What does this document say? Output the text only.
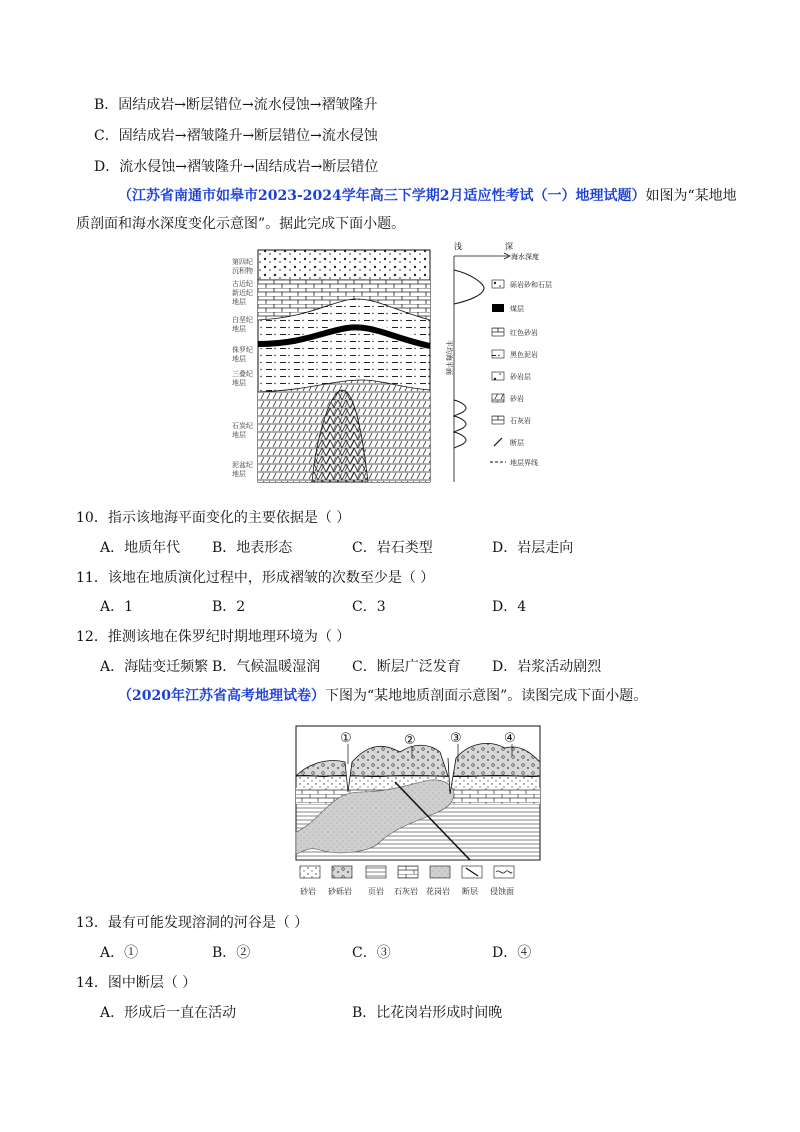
B．固结成岩→断层错位→流水侵蚀→褶皱隆升
C．固结成岩→褶皱隆升→断层错位→流水侵蚀
D．流水侵蚀→褶皱隆升→固结成岩→断层错位
（江苏省南通市如皋市2023-2024学年高三下学期2月适应性考试（一）地理试题）如图为“某地地
质剖面和海水深度变化示意图”。据此完成下面小题。
第四纪
沉积物
古近纪
新近纪
地层
白垩纪
地层
侏罗纪
地层
三叠纪
地层
石炭纪
地层
泥盆纪
地层
浅	深
海水深度
平均海平面
砾岩砂和石层
煤层
红色砂岩
黑色泥岩
砂岩层
砂岩
石灰岩
断层
地层界线
10．指示该地海平面变化的主要依据是（ ）
A．地质年代 B．地表形态	C．岩石类型	D．岩层走向
11．该地在地质演化过程中，形成褶皱的次数至少是（ ）
A．1	B．2	C．3	D．4
12．推测该地在侏罗纪时期地理环境为（ ）
A．海陆变迁频繁 B．气候温暖湿润 C．断层广泛发育 D．岩浆活动剧烈
（2020年江苏省高考地理试卷）下图为“某地地质剖面示意图”。读图完成下面小题。
①	②	③	④
砂岩 砂砾岩 页岩 石灰岩 花岗岩 断层 侵蚀面
13．最有可能发现溶洞的河谷是（ ）
A．①	B．②	C．③	D．④
14．图中断层（ ）
A．形成后一直在活动	B．比花岗岩形成时间晚
